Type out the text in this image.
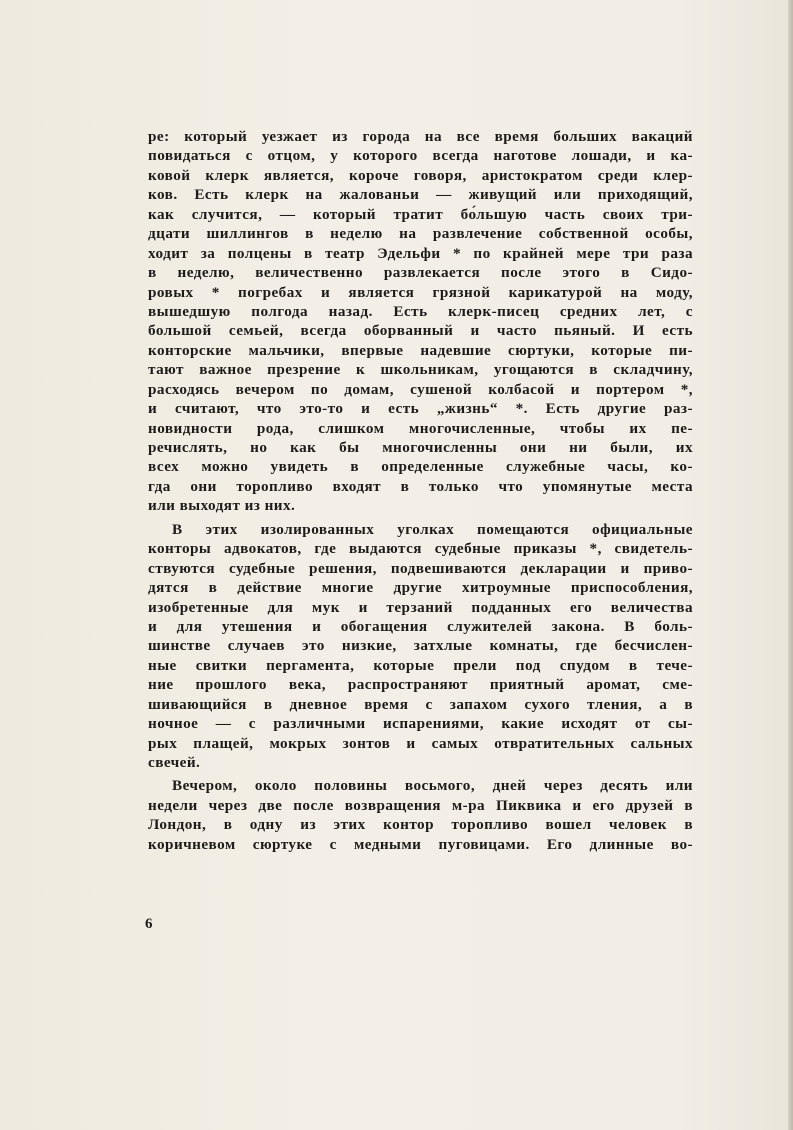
ре: который уезжает из города на все время больших вакаций
повидаться с отцом, у которого всегда наготове лошади, и ка-
ковой клерк является, короче говоря, аристократом среди клер-
ков. Есть клерк на жалованьи — живущий или приходящий,
как случится, — который тратит бо́льшую часть своих три-
дцати шиллингов в неделю на развлечение собственной особы,
ходит за полцены в театр Эдельфи * по крайней мере три раза
в неделю, величественно развлекается после этого в Сидо-
ровых * погребах и является грязной карикатурой на моду,
вышедшую полгода назад. Есть клерк-писец средних лет, с
большой семьей, всегда оборванный и часто пьяный. И есть
конторские мальчики, впервые надевшие сюртуки, которые пи-
тают важное презрение к школьникам, угощаются в складчину,
расходясь вечером по домам, сушеной колбасой и портером *,
и считают, что это-то и есть „жизнь“ *. Есть другие раз-
новидности рода, слишком многочисленные, чтобы их пе-
речислять, но как бы многочисленны они ни были, их
всех можно увидеть в определенные служебные часы, ко-
гда они торопливо входят в только что упомянутые места
или выходят из них.
В этих изолированных уголках помещаются официальные
конторы адвокатов, где выдаются судебные приказы *, свидетель-
ствуются судебные решения, подвешиваются декларации и приво-
дятся в действие многие другие хитроумные приспособления,
изобретенные для мук и терзаний подданных его величества
и для утешения и обогащения служителей закона. В боль-
шинстве случаев это низкие, затхлые комнаты, где бесчислен-
ные свитки пергамента, которые прели под спудом в тече-
ние прошлого века, распространяют приятный аромат, сме-
шивающийся в дневное время с запахом сухого тления, а в
ночное — с различными испарениями, какие исходят от сы-
рых плащей, мокрых зонтов и самых отвратительных сальных
свечей.
Вечером, около половины восьмого, дней через десять или
недели через две после возвращения м-ра Пиквика и его друзей в
Лондон, в одну из этих контор торопливо вошел человек в
коричневом сюртуке с медными пуговицами. Его длинные во-
6
